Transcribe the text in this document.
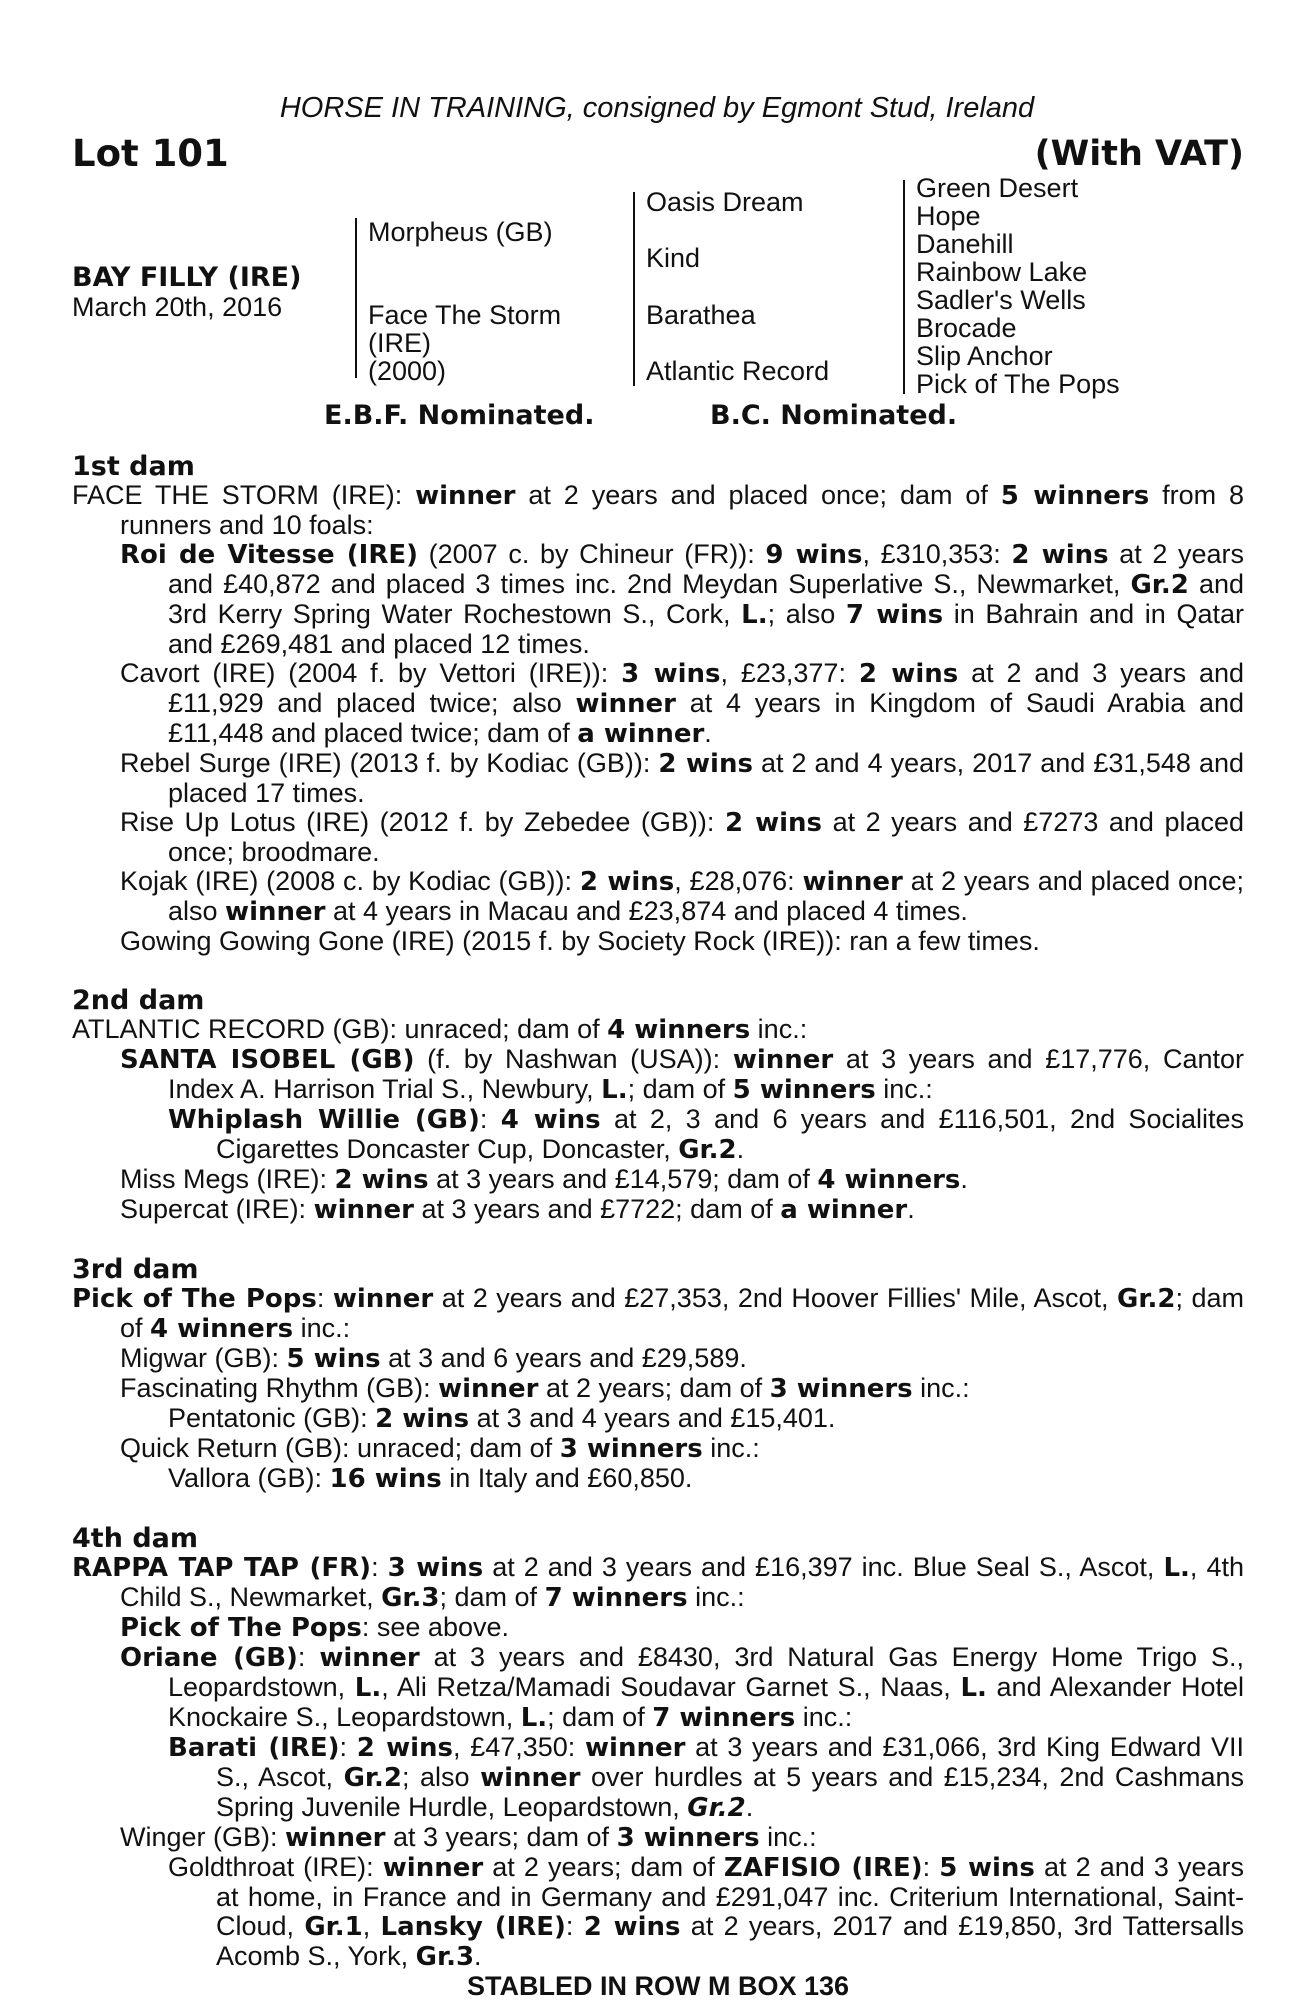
HORSE IN TRAINING, consigned by Egmont Stud, Ireland
Lot 101	(With VAT)
BAY FILLY (IRE)
March 20th, 2016
Morpheus (GB)
Face The Storm
(IRE)
(2000)
Oasis Dream
Kind
Barathea
Atlantic Record
Green Desert
Hope
Danehill
Rainbow Lake
Sadler's Wells
Brocade
Slip Anchor
Pick of The Pops
E.B.F. Nominated.	B.C. Nominated.
1st dam
FACE THE STORM (IRE): winner at 2 years and placed once; dam of 5 winners from 8 runners and 10 foals:
Roi de Vitesse (IRE) (2007 c. by Chineur (FR)): 9 wins, £310,353: 2 wins at 2 years and £40,872 and placed 3 times inc. 2nd Meydan Superlative S., Newmarket, Gr.2 and 3rd Kerry Spring Water Rochestown S., Cork, L.; also 7 wins in Bahrain and in Qatar and £269,481 and placed 12 times.
Cavort (IRE) (2004 f. by Vettori (IRE)): 3 wins, £23,377: 2 wins at 2 and 3 years and £11,929 and placed twice; also winner at 4 years in Kingdom of Saudi Arabia and £11,448 and placed twice; dam of a winner.
Rebel Surge (IRE) (2013 f. by Kodiac (GB)): 2 wins at 2 and 4 years, 2017 and £31,548 and placed 17 times.
Rise Up Lotus (IRE) (2012 f. by Zebedee (GB)): 2 wins at 2 years and £7273 and placed once; broodmare.
Kojak (IRE) (2008 c. by Kodiac (GB)): 2 wins, £28,076: winner at 2 years and placed once; also winner at 4 years in Macau and £23,874 and placed 4 times.
Gowing Gowing Gone (IRE) (2015 f. by Society Rock (IRE)): ran a few times.
2nd dam
ATLANTIC RECORD (GB): unraced; dam of 4 winners inc.:
SANTA ISOBEL (GB) (f. by Nashwan (USA)): winner at 3 years and £17,776, Cantor Index A. Harrison Trial S., Newbury, L.; dam of 5 winners inc.:
Whiplash Willie (GB): 4 wins at 2, 3 and 6 years and £116,501, 2nd Socialites Cigarettes Doncaster Cup, Doncaster, Gr.2.
Miss Megs (IRE): 2 wins at 3 years and £14,579; dam of 4 winners.
Supercat (IRE): winner at 3 years and £7722; dam of a winner.
3rd dam
Pick of The Pops: winner at 2 years and £27,353, 2nd Hoover Fillies' Mile, Ascot, Gr.2; dam of 4 winners inc.:
Migwar (GB): 5 wins at 3 and 6 years and £29,589.
Fascinating Rhythm (GB): winner at 2 years; dam of 3 winners inc.:
Pentatonic (GB): 2 wins at 3 and 4 years and £15,401.
Quick Return (GB): unraced; dam of 3 winners inc.:
Vallora (GB): 16 wins in Italy and £60,850.
4th dam
RAPPA TAP TAP (FR): 3 wins at 2 and 3 years and £16,397 inc. Blue Seal S., Ascot, L., 4th Child S., Newmarket, Gr.3; dam of 7 winners inc.:
Pick of The Pops: see above.
Oriane (GB): winner at 3 years and £8430, 3rd Natural Gas Energy Home Trigo S., Leopardstown, L., Ali Retza/Mamadi Soudavar Garnet S., Naas, L. and Alexander Hotel Knockaire S., Leopardstown, L.; dam of 7 winners inc.:
Barati (IRE): 2 wins, £47,350: winner at 3 years and £31,066, 3rd King Edward VII S., Ascot, Gr.2; also winner over hurdles at 5 years and £15,234, 2nd Cashmans Spring Juvenile Hurdle, Leopardstown, Gr.2.
Winger (GB): winner at 3 years; dam of 3 winners inc.:
Goldthroat (IRE): winner at 2 years; dam of ZAFISIO (IRE): 5 wins at 2 and 3 years at home, in France and in Germany and £291,047 inc. Criterium International, Saint-Cloud, Gr.1, Lansky (IRE): 2 wins at 2 years, 2017 and £19,850, 3rd Tattersalls Acomb S., York, Gr.3.
STABLED IN ROW M BOX 136
